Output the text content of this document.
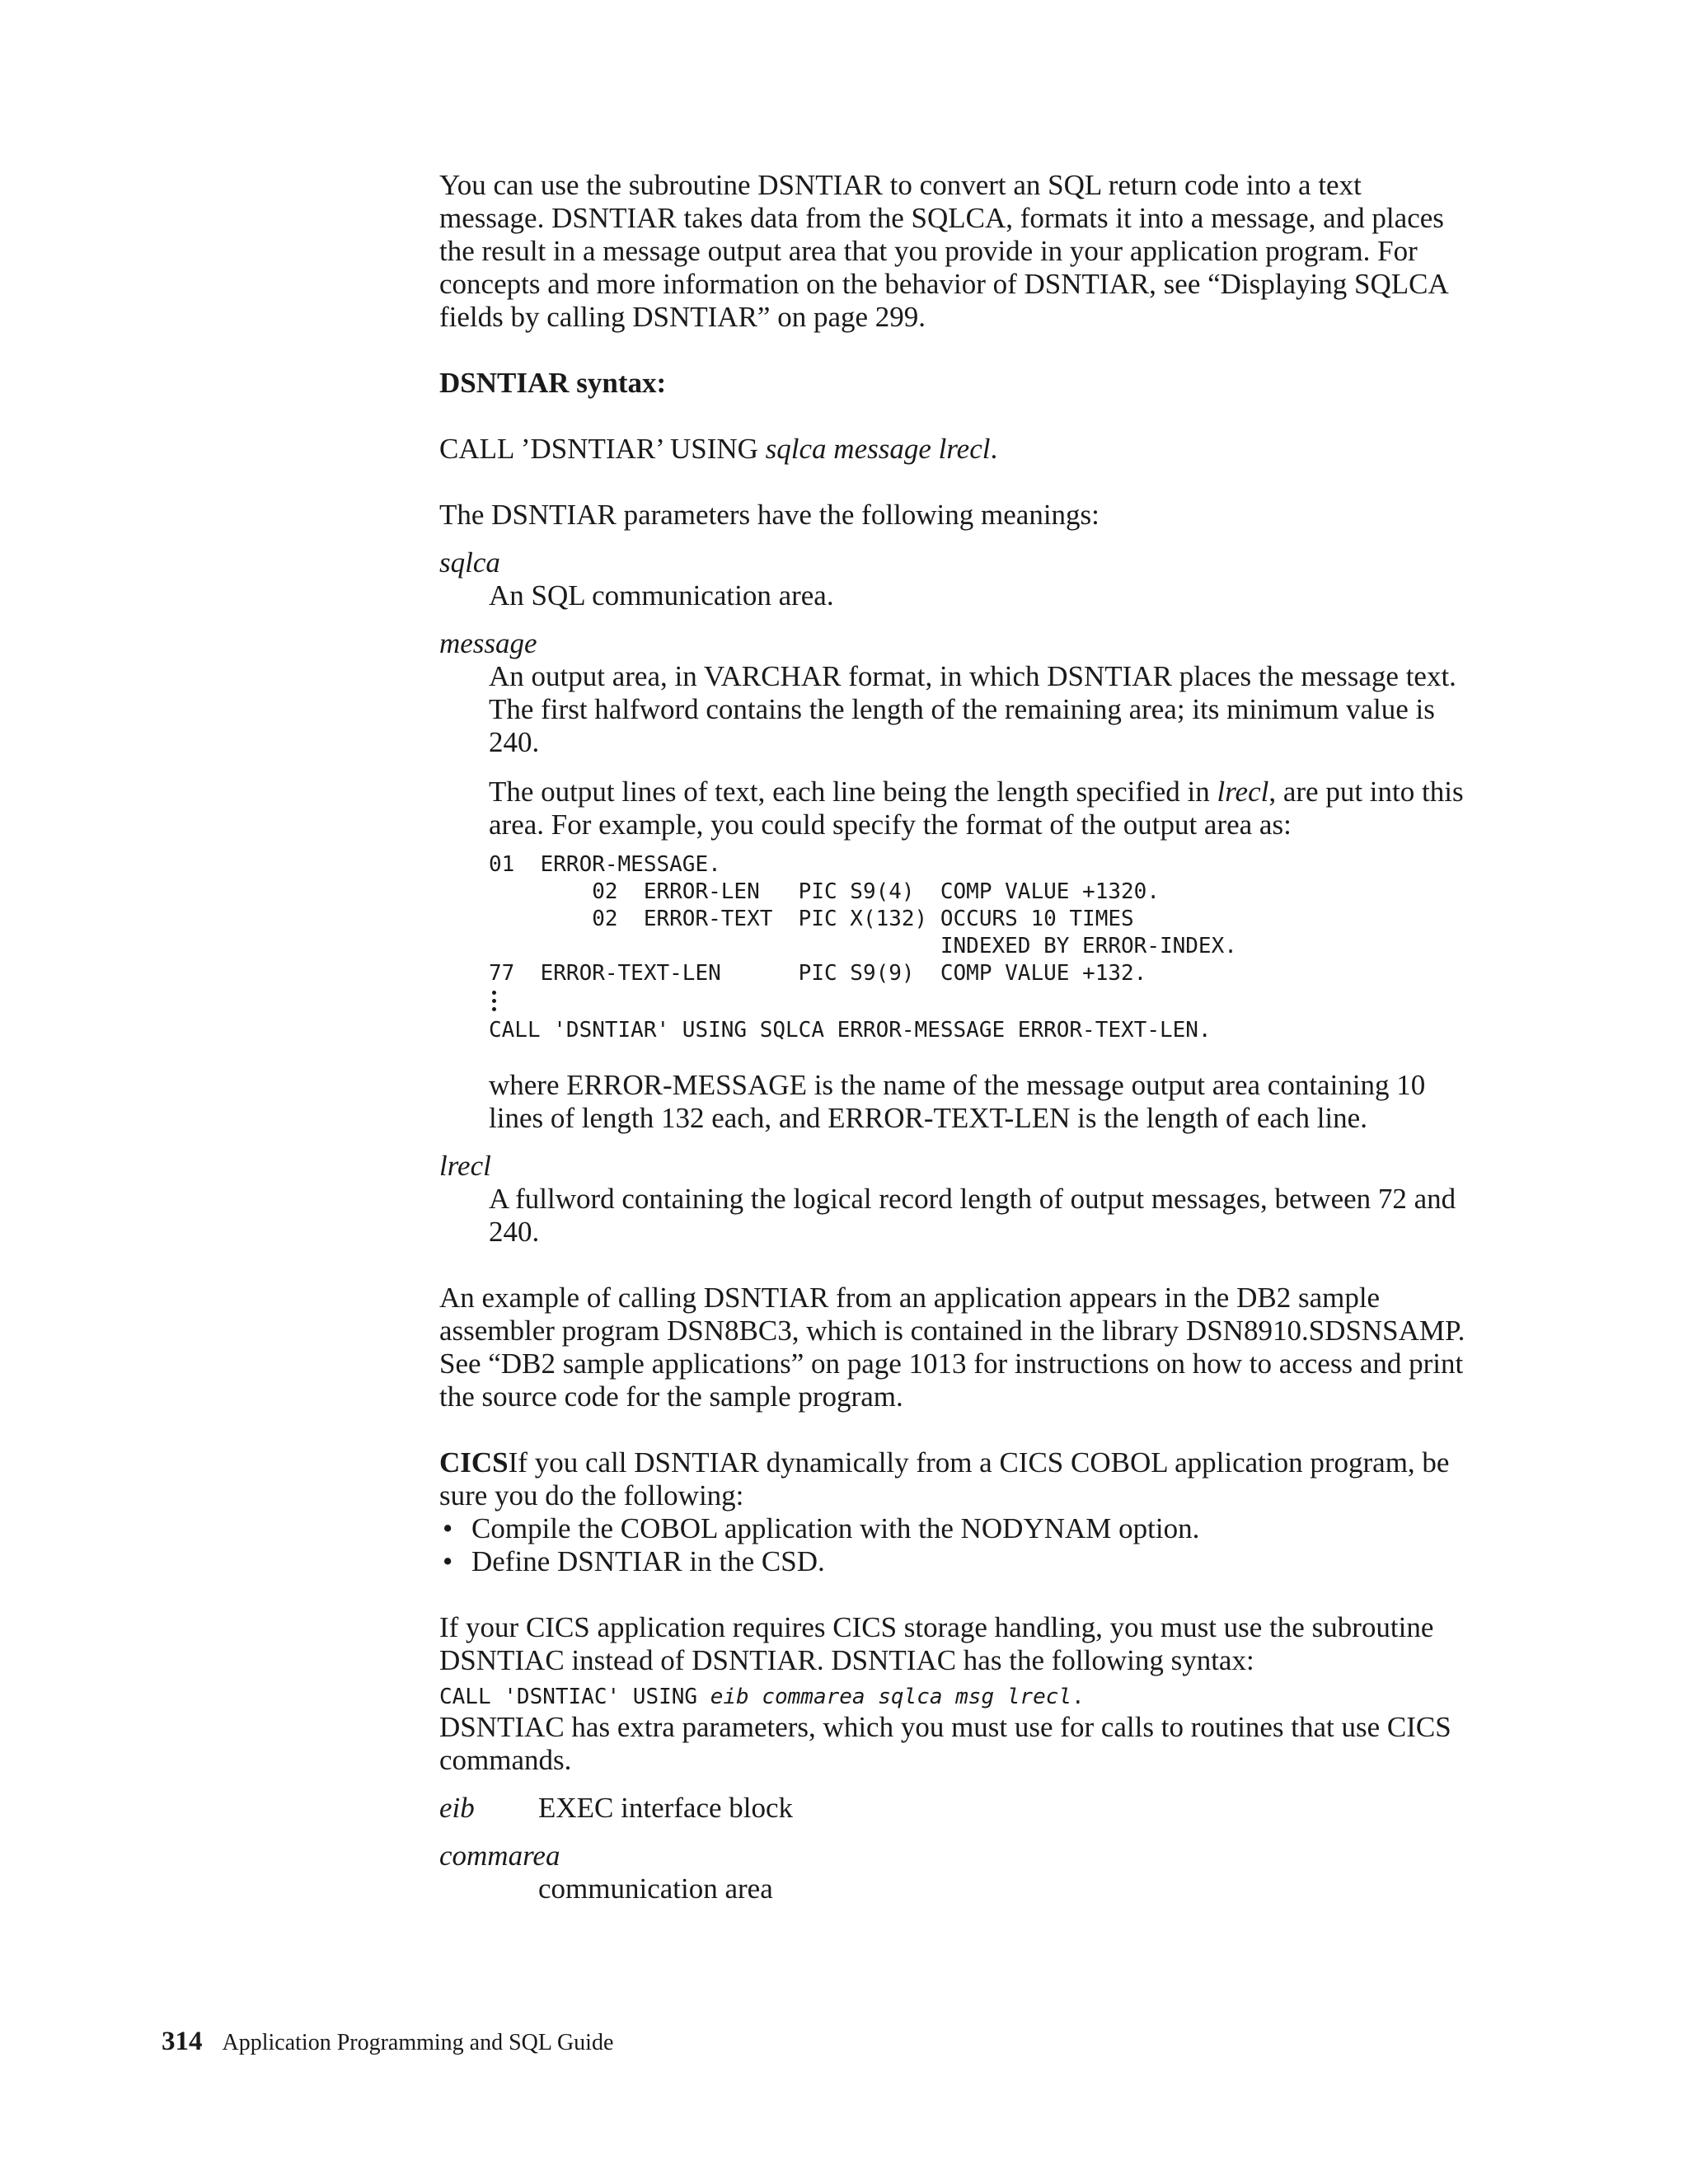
You can use the subroutine DSNTIAR to convert an SQL return code into a text message. DSNTIAR takes data from the SQLCA, formats it into a message, and places the result in a message output area that you provide in your application program. For concepts and more information on the behavior of DSNTIAR, see “Displaying SQLCA fields by calling DSNTIAR” on page 299.

DSNTIAR syntax:

CALL ’DSNTIAR’ USING sqlca message lrecl.

The DSNTIAR parameters have the following meanings:

sqlca

An SQL communication area.

message

An output area, in VARCHAR format, in which DSNTIAR places the message text. The first halfword contains the length of the remaining area; its minimum value is 240.

The output lines of text, each line being the length specified in lrecl, are put into this area. For example, you could specify the format of the output area as:

01  ERROR-MESSAGE.

02  ERROR-LEN   PIC S9(4)  COMP VALUE +1320.

02  ERROR-TEXT  PIC X(132) OCCURS 10 TIMES

INDEXED BY ERROR-INDEX.

77  ERROR-TEXT-LEN      PIC S9(9)  COMP VALUE +132.

CALL 'DSNTIAR' USING SQLCA ERROR-MESSAGE ERROR-TEXT-LEN.

where ERROR-MESSAGE is the name of the message output area containing 10 lines of length 132 each, and ERROR-TEXT-LEN is the length of each line.

lrecl

A fullword containing the logical record length of output messages, between 72 and 240.

An example of calling DSNTIAR from an application appears in the DB2 sample assembler program DSN8BC3, which is contained in the library DSN8910.SDSNSAMP. See “DB2 sample applications” on page 1013 for instructions on how to access and print the source code for the sample program.

CICSIf you call DSNTIAR dynamically from a CICS COBOL application program, be sure you do the following:

• Compile the COBOL application with the NODYNAM option.
• Define DSNTIAR in the CSD.

If your CICS application requires CICS storage handling, you must use the subroutine DSNTIAC instead of DSNTIAR. DSNTIAC has the following syntax:

CALL 'DSNTIAC' USING eib commarea sqlca msg lrecl.

DSNTIAC has extra parameters, which you must use for calls to routines that use CICS commands.

eib	EXEC interface block

commarea

communication area

314 Application Programming and SQL Guide
